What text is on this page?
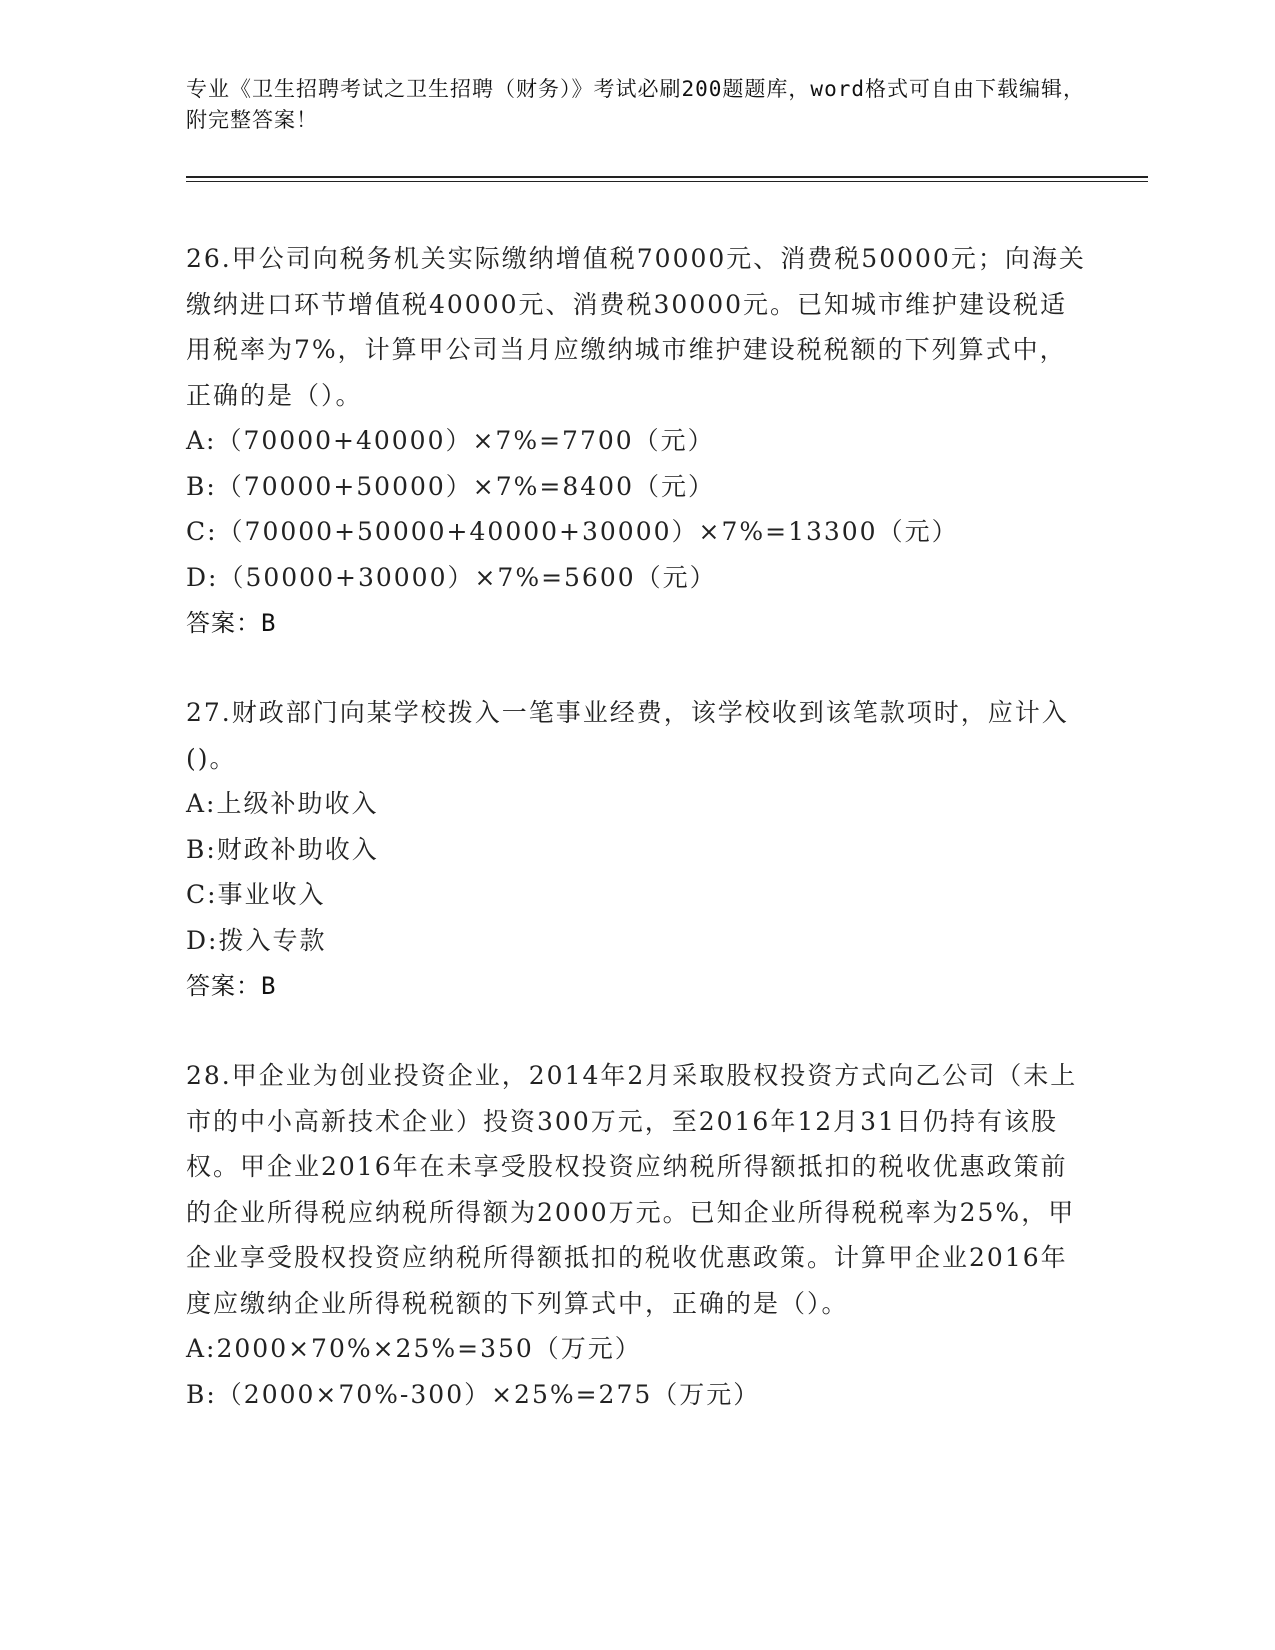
专业《卫生招聘考试之卫生招聘（财务）》考试必刷200题题库，word格式可自由下载编辑，附完整答案！

26.甲公司向税务机关实际缴纳增值税70000元、消费税50000元；向海关缴纳进口环节增值税40000元、消费税30000元。已知城市维护建设税适用税率为7%，计算甲公司当月应缴纳城市维护建设税税额的下列算式中，正确的是（）。

A:（70000+40000）×7%=7700（元）

B:（70000+50000）×7%=8400（元）

C:（70000+50000+40000+30000）×7%=13300（元）

D:（50000+30000）×7%=5600（元）

答案：B

27.财政部门向某学校拨入一笔事业经费，该学校收到该笔款项时，应计入()。

A:上级补助收入

B:财政补助收入

C:事业收入

D:拨入专款

答案：B

28.甲企业为创业投资企业，2014年2月采取股权投资方式向乙公司（未上市的中小高新技术企业）投资300万元，至2016年12月31日仍持有该股权。甲企业2016年在未享受股权投资应纳税所得额抵扣的税收优惠政策前的企业所得税应纳税所得额为2000万元。已知企业所得税税率为25%，甲企业享受股权投资应纳税所得额抵扣的税收优惠政策。计算甲企业2016年度应缴纳企业所得税税额的下列算式中，正确的是（）。

A:2000×70%×25%=350（万元）

B:（2000×70%-300）×25%=275（万元）
